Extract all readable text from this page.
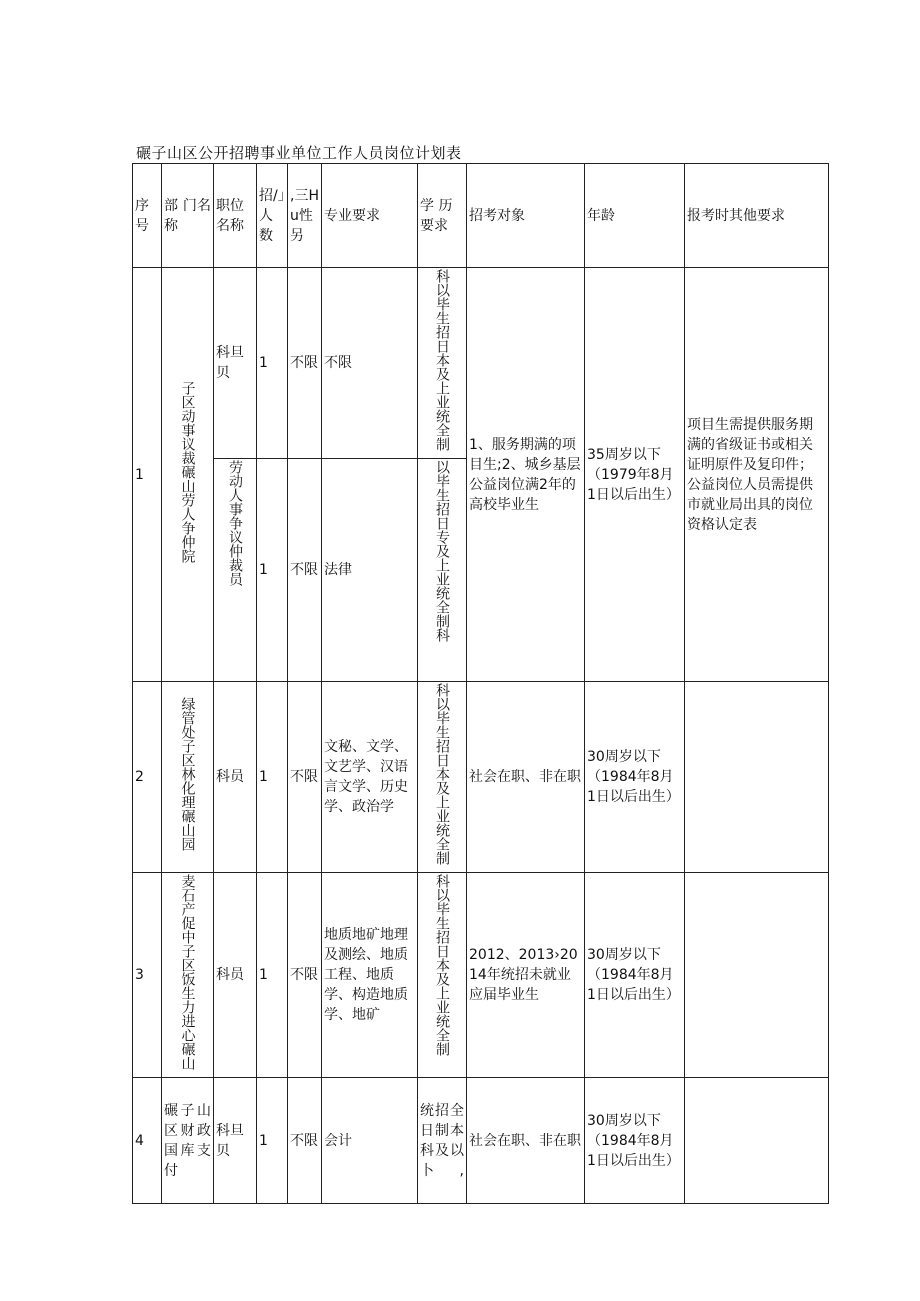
碾子山区公开招聘事业单位工作人员岗位计划表
序号	部 门名称	职位名称	招/」人数	,三Hu性另	专业要求	学 历要求	招考对象	年龄	报考时其他要求
1	子区动事议裁碾山劳人争仲院	科旦贝	1	不限	不限	科以毕生招日本及上业统全制	1、服务期满的项目生;2、城乡基层公益岗位满2年的高校毕业生	35周岁以下（1979年8月1日以后出生）	项目生需提供服务期满的省级证书或相关证明原件及复印件；公益岗位人员需提供市就业局出具的岗位资格认定表
		劳动人事争议仲裁员	1	不限	法律	以毕生招日专及上业统全制科			
2	绿管处子区林化理碾山园	科员	1	不限	文秘、文学、文艺学、汉语言文学、历史学、政治学	科以毕生招日本及上业统全制	社会在职、非在职	30周岁以下（1984年8月1日以后出生）	
3	麦石产促中子区饭生力进心碾山	科员	1	不限	地质地矿地理及测绘、地质工程、地质学、构造地质学、地矿	科以毕生招日本及上业统全制	2012、2013›2014年统招未就业应届毕业生	30周岁以下（1984年8月1日以后出生）	
4	碾子山区财政国库支付	科旦贝	1	不限	会计	统招全日制本科及以卜,	社会在职、非在职	30周岁以下（1984年8月1日以后出生）	
